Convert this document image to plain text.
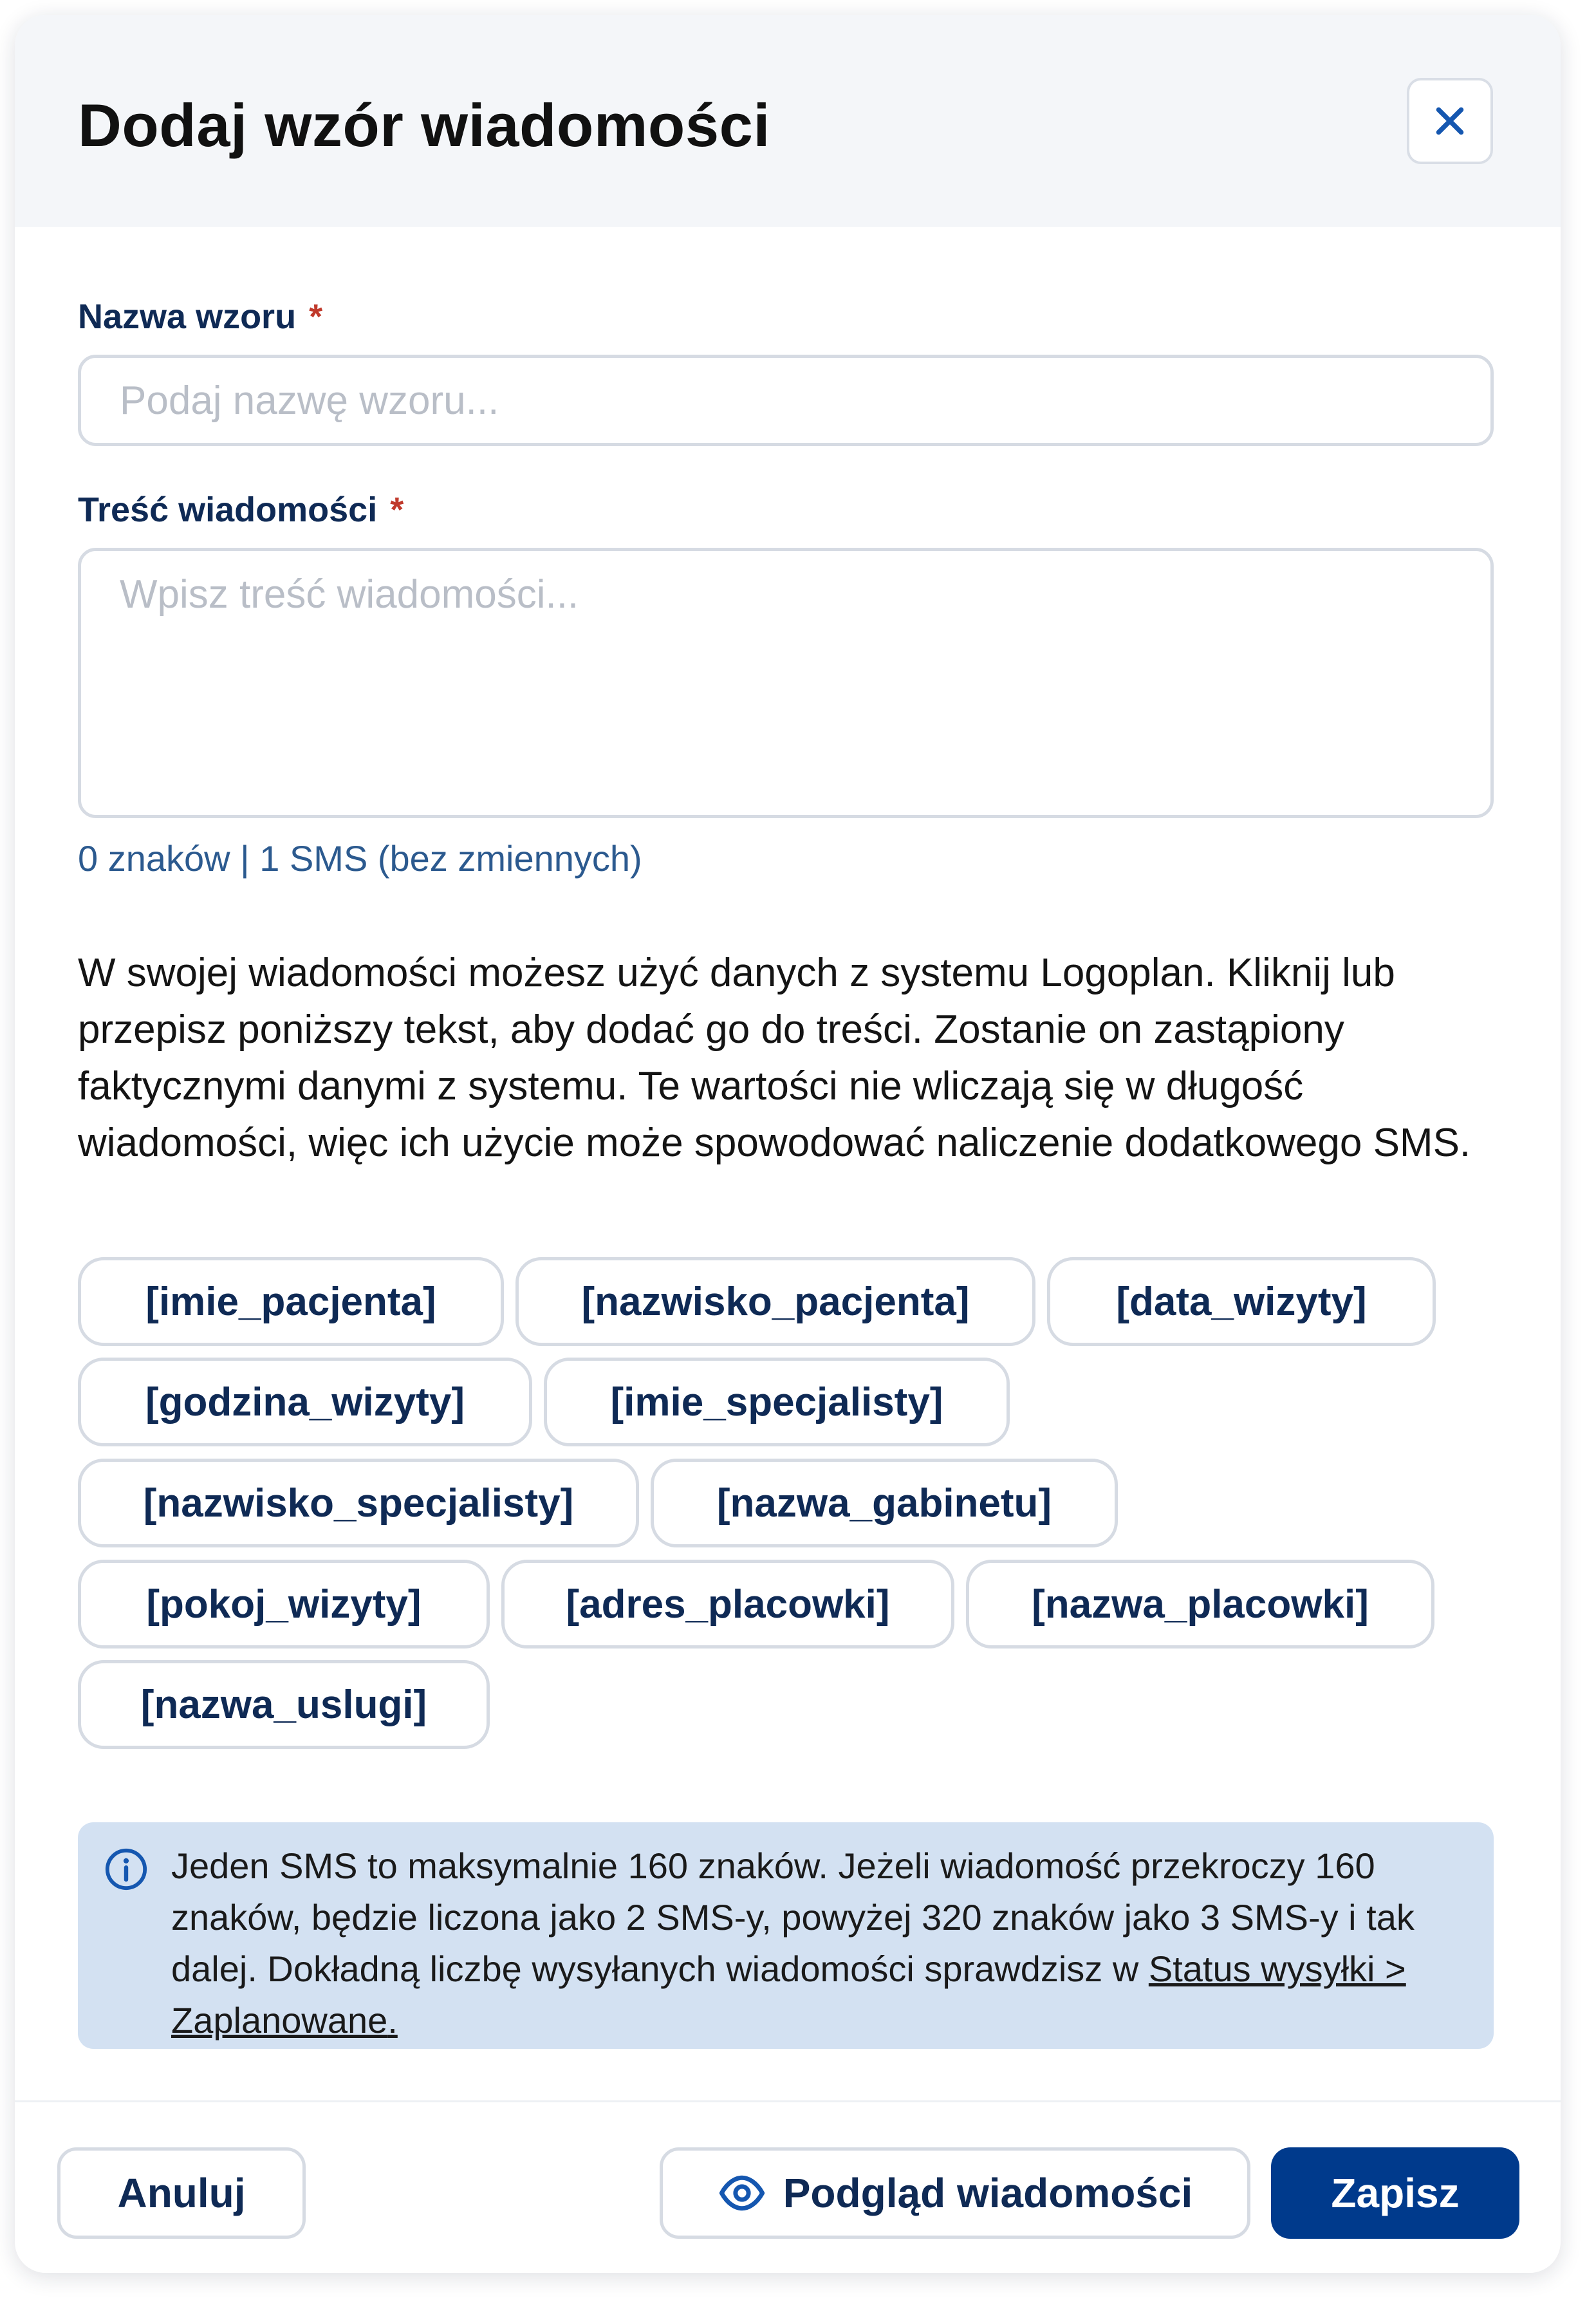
Dodaj wzór wiadomości
Nazwa wzoru *
Podaj nazwę wzoru...
Treść wiadomości *
Wpisz treść wiadomości...
0 znaków | 1 SMS (bez zmiennych)
W swojej wiadomości możesz użyć danych z systemu Logoplan. Kliknij lub przepisz poniższy tekst, aby dodać go do treści. Zostanie on zastąpiony faktycznymi danymi z systemu. Te wartości nie wliczają się w długość wiadomości, więc ich użycie może spowodować naliczenie dodatkowego SMS.
[imie_pacjenta]	[nazwisko_pacjenta]	[data_wizyty]
[godzina_wizyty]	[imie_specjalisty]
[nazwisko_specjalisty]	[nazwa_gabinetu]
[pokoj_wizyty]	[adres_placowki]	[nazwa_placowki]
[nazwa_uslugi]
Jeden SMS to maksymalnie 160 znaków. Jeżeli wiadomość przekroczy 160 znaków, będzie liczona jako 2 SMS-y, powyżej 320 znaków jako 3 SMS-y i tak dalej. Dokładną liczbę wysyłanych wiadomości sprawdzisz w Status wysyłki > Zaplanowane.
Anuluj	Podgląd wiadomości	Zapisz
